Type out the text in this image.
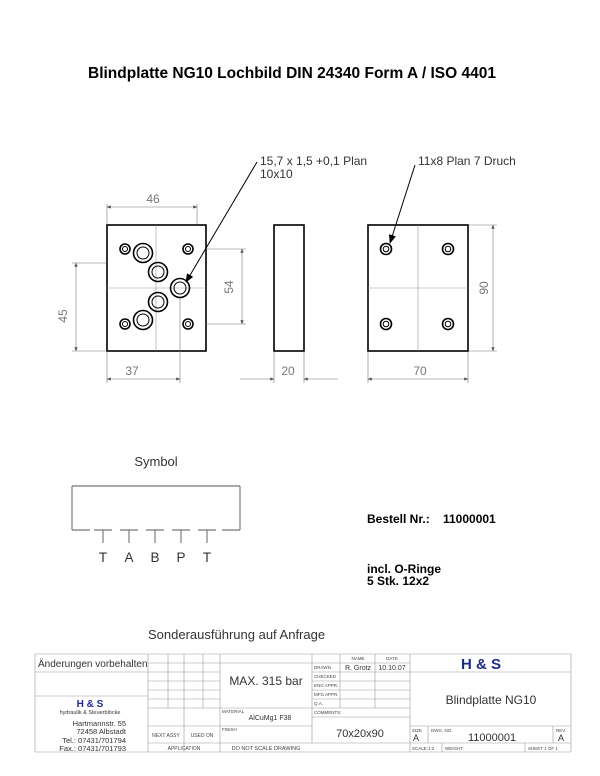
Blindplatte NG10 Lochbild DIN 24340 Form A / ISO 4401
15,7 x 1,5 +0,1 Plan
10x10
46
54
45
37	20
11x8 Plan 7 Druch
90
70
Symbol
T A B P T
Bestell Nr.: 11000001
incl. O-Ringe
5 Stk. 12x2
Sonderausführung auf Anfrage
Änderungen vorbehalten
H & S
hydraulik & Steuerblöcke
Hartmannstr. 55
72458 Albstadt
Tel.: 07431/701794
Fax.: 07431/701793
MAX. 315 bar
NAME	DATE
DRAWN R. Grotz 10.10.07
CHECKED
ENG APPR.
MFG APPR.
Q.A.
COMMENTS:
70x20x90
MATERIAL
AlCuMg1 F38
FINISH
NEXT ASSY USED ON
APPLICATION	DO NOT SCALE DRAWING
H & S
Blindplatte NG10
SIZE
A
DWG. NO.
11000001
REV.
A
SCALE:1:2 WEIGHT:	SHEET 1 OF 1
